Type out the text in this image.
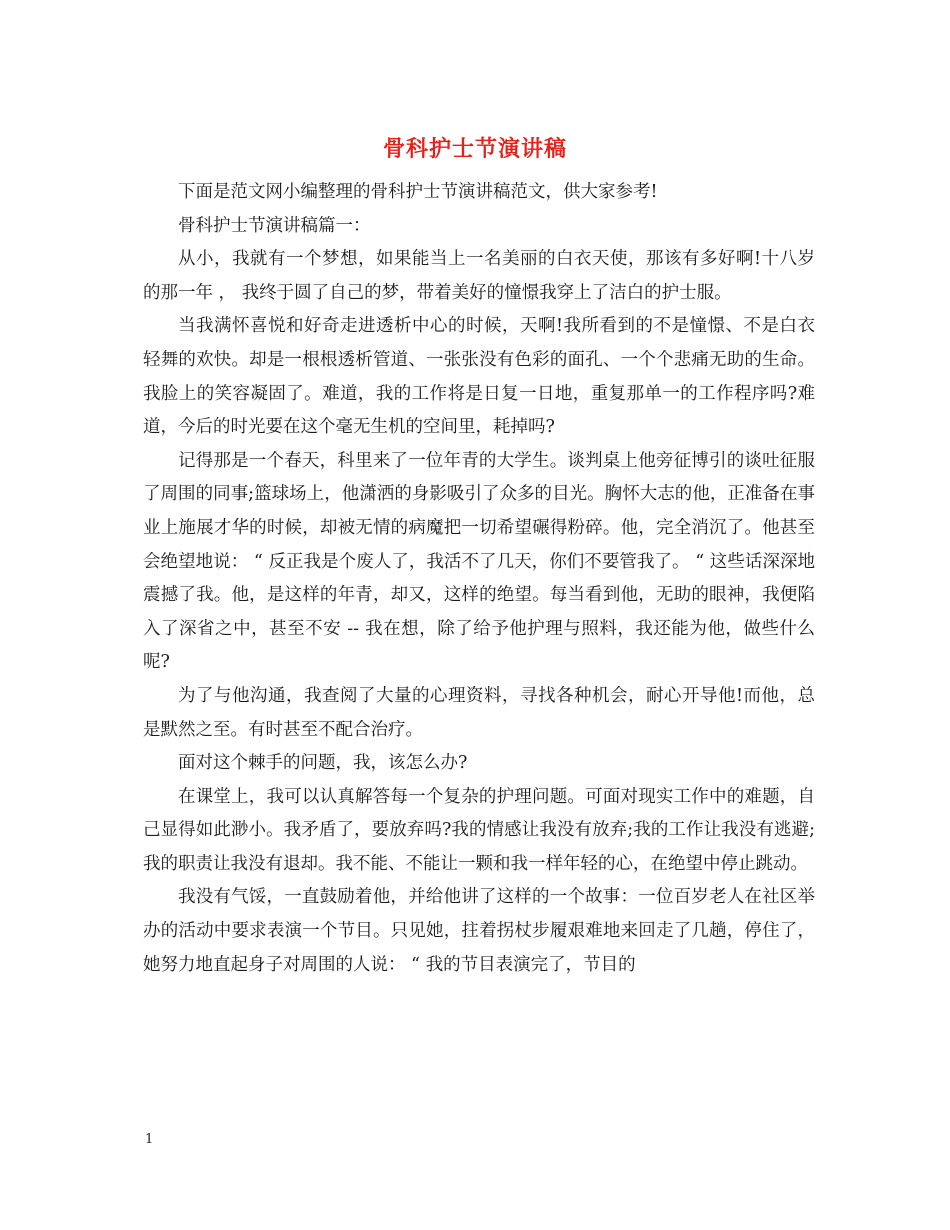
骨科护士节演讲稿

下面是范文网小编整理的骨科护士节演讲稿范文，供大家参考!

骨科护士节演讲稿篇一：

从小，我就有一个梦想，如果能当上一名美丽的白衣天使，那该有多好啊!十八岁的那一年 ， 我终于圆了自己的梦，带着美好的憧憬我穿上了洁白的护士服。

当我满怀喜悦和好奇走进透析中心的时候，天啊!我所看到的不是憧憬、不是白衣轻舞的欢快。却是一根根透析管道、一张张没有色彩的面孔、一个个悲痛无助的生命。我脸上的笑容凝固了。难道，我的工作将是日复一日地，重复那单一的工作程序吗?难道，今后的时光要在这个毫无生机的空间里，耗掉吗?

记得那是一个春天，科里来了一位年青的大学生。谈判桌上他旁征博引的谈吐征服了周围的同事;篮球场上，他潇洒的身影吸引了众多的目光。胸怀大志的他，正准备在事业上施展才华的时候，却被无情的病魔把一切希望碾得粉碎。他，完全消沉了。他甚至会绝望地说： “ 反正我是个废人了，我活不了几天，你们不要管我了。 “ 这些话深深地震撼了我。他，是这样的年青，却又，这样的绝望。每当看到他，无助的眼神，我便陷入了深省之中，甚至不安 -- 我在想，除了给予他护理与照料，我还能为他，做些什么呢?

为了与他沟通，我查阅了大量的心理资料，寻找各种机会，耐心开导他!而他，总是默然之至。有时甚至不配合治疗。

面对这个棘手的问题，我，该怎么办?

在课堂上，我可以认真解答每一个复杂的护理问题。可面对现实工作中的难题，自己显得如此渺小。我矛盾了，要放弃吗?我的情感让我没有放弃;我的工作让我没有逃避;我的职责让我没有退却。我不能、不能让一颗和我一样年轻的心，在绝望中停止跳动。

我没有气馁，一直鼓励着他，并给他讲了这样的一个故事：一位百岁老人在社区举办的活动中要求表演一个节目。只见她，拄着拐杖步履艰难地来回走了几趟，停住了，她努力地直起身子对周围的人说： “ 我的节目表演完了，节目的

1
